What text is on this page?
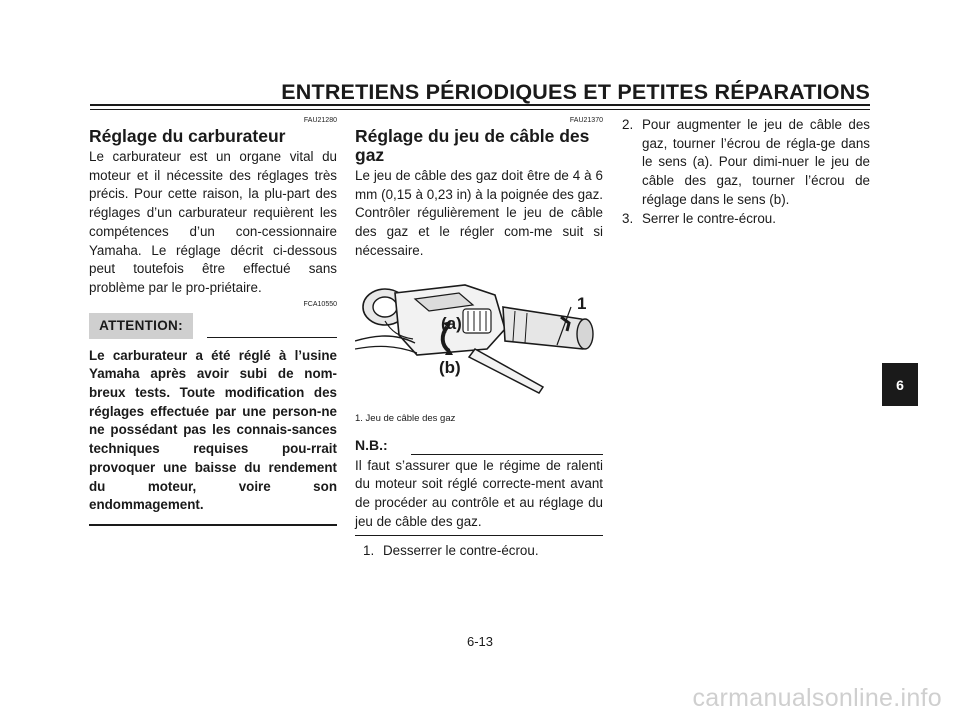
ENTRETIENS PÉRIODIQUES ET PETITES RÉPARATIONS
FAU21280
Réglage du carburateur

Le carburateur est un organe vital du moteur et il nécessite des réglages très précis. Pour cette raison, la plu-part des réglages d’un carburateur requièrent les compétences d’un con-cessionnaire Yamaha. Le réglage décrit ci-dessous peut toutefois être effectué sans problème par le pro-priétaire.

FCA10550
ATTENTION:

Le carburateur a été réglé à l’usine Yamaha après avoir subi de nom-breux tests. Toute modification des réglages effectuée par une person-ne ne possédant pas les connais-sances techniques requises pou-rrait provoquer une baisse du rendement du moteur, voire son endommagement.

FAU21370
Réglage du jeu de câble des gaz

Le jeu de câble des gaz doit être de 4 à 6 mm (0,15 à 0,23 in) à la poignée des gaz. Contrôler régulièrement le jeu de câble des gaz et le régler com-me suit si nécessaire.

(a)
(b)
1
1. Jeu de câble des gaz
N.B.:

Il faut s’assurer que le régime de ralenti du moteur soit réglé correcte-ment avant de procéder au contrôle et au réglage du jeu de câble des gaz.

1. Desserrer le contre-écrou.
2. Pour augmenter le jeu de câble des gaz, tourner l’écrou de régla-ge dans le sens (a). Pour dimi-nuer le jeu de câble des gaz, tourner l’écrou de réglage dans le sens (b).
3. Serrer le contre-écrou.
6
6-13
carmanualsonline.info
